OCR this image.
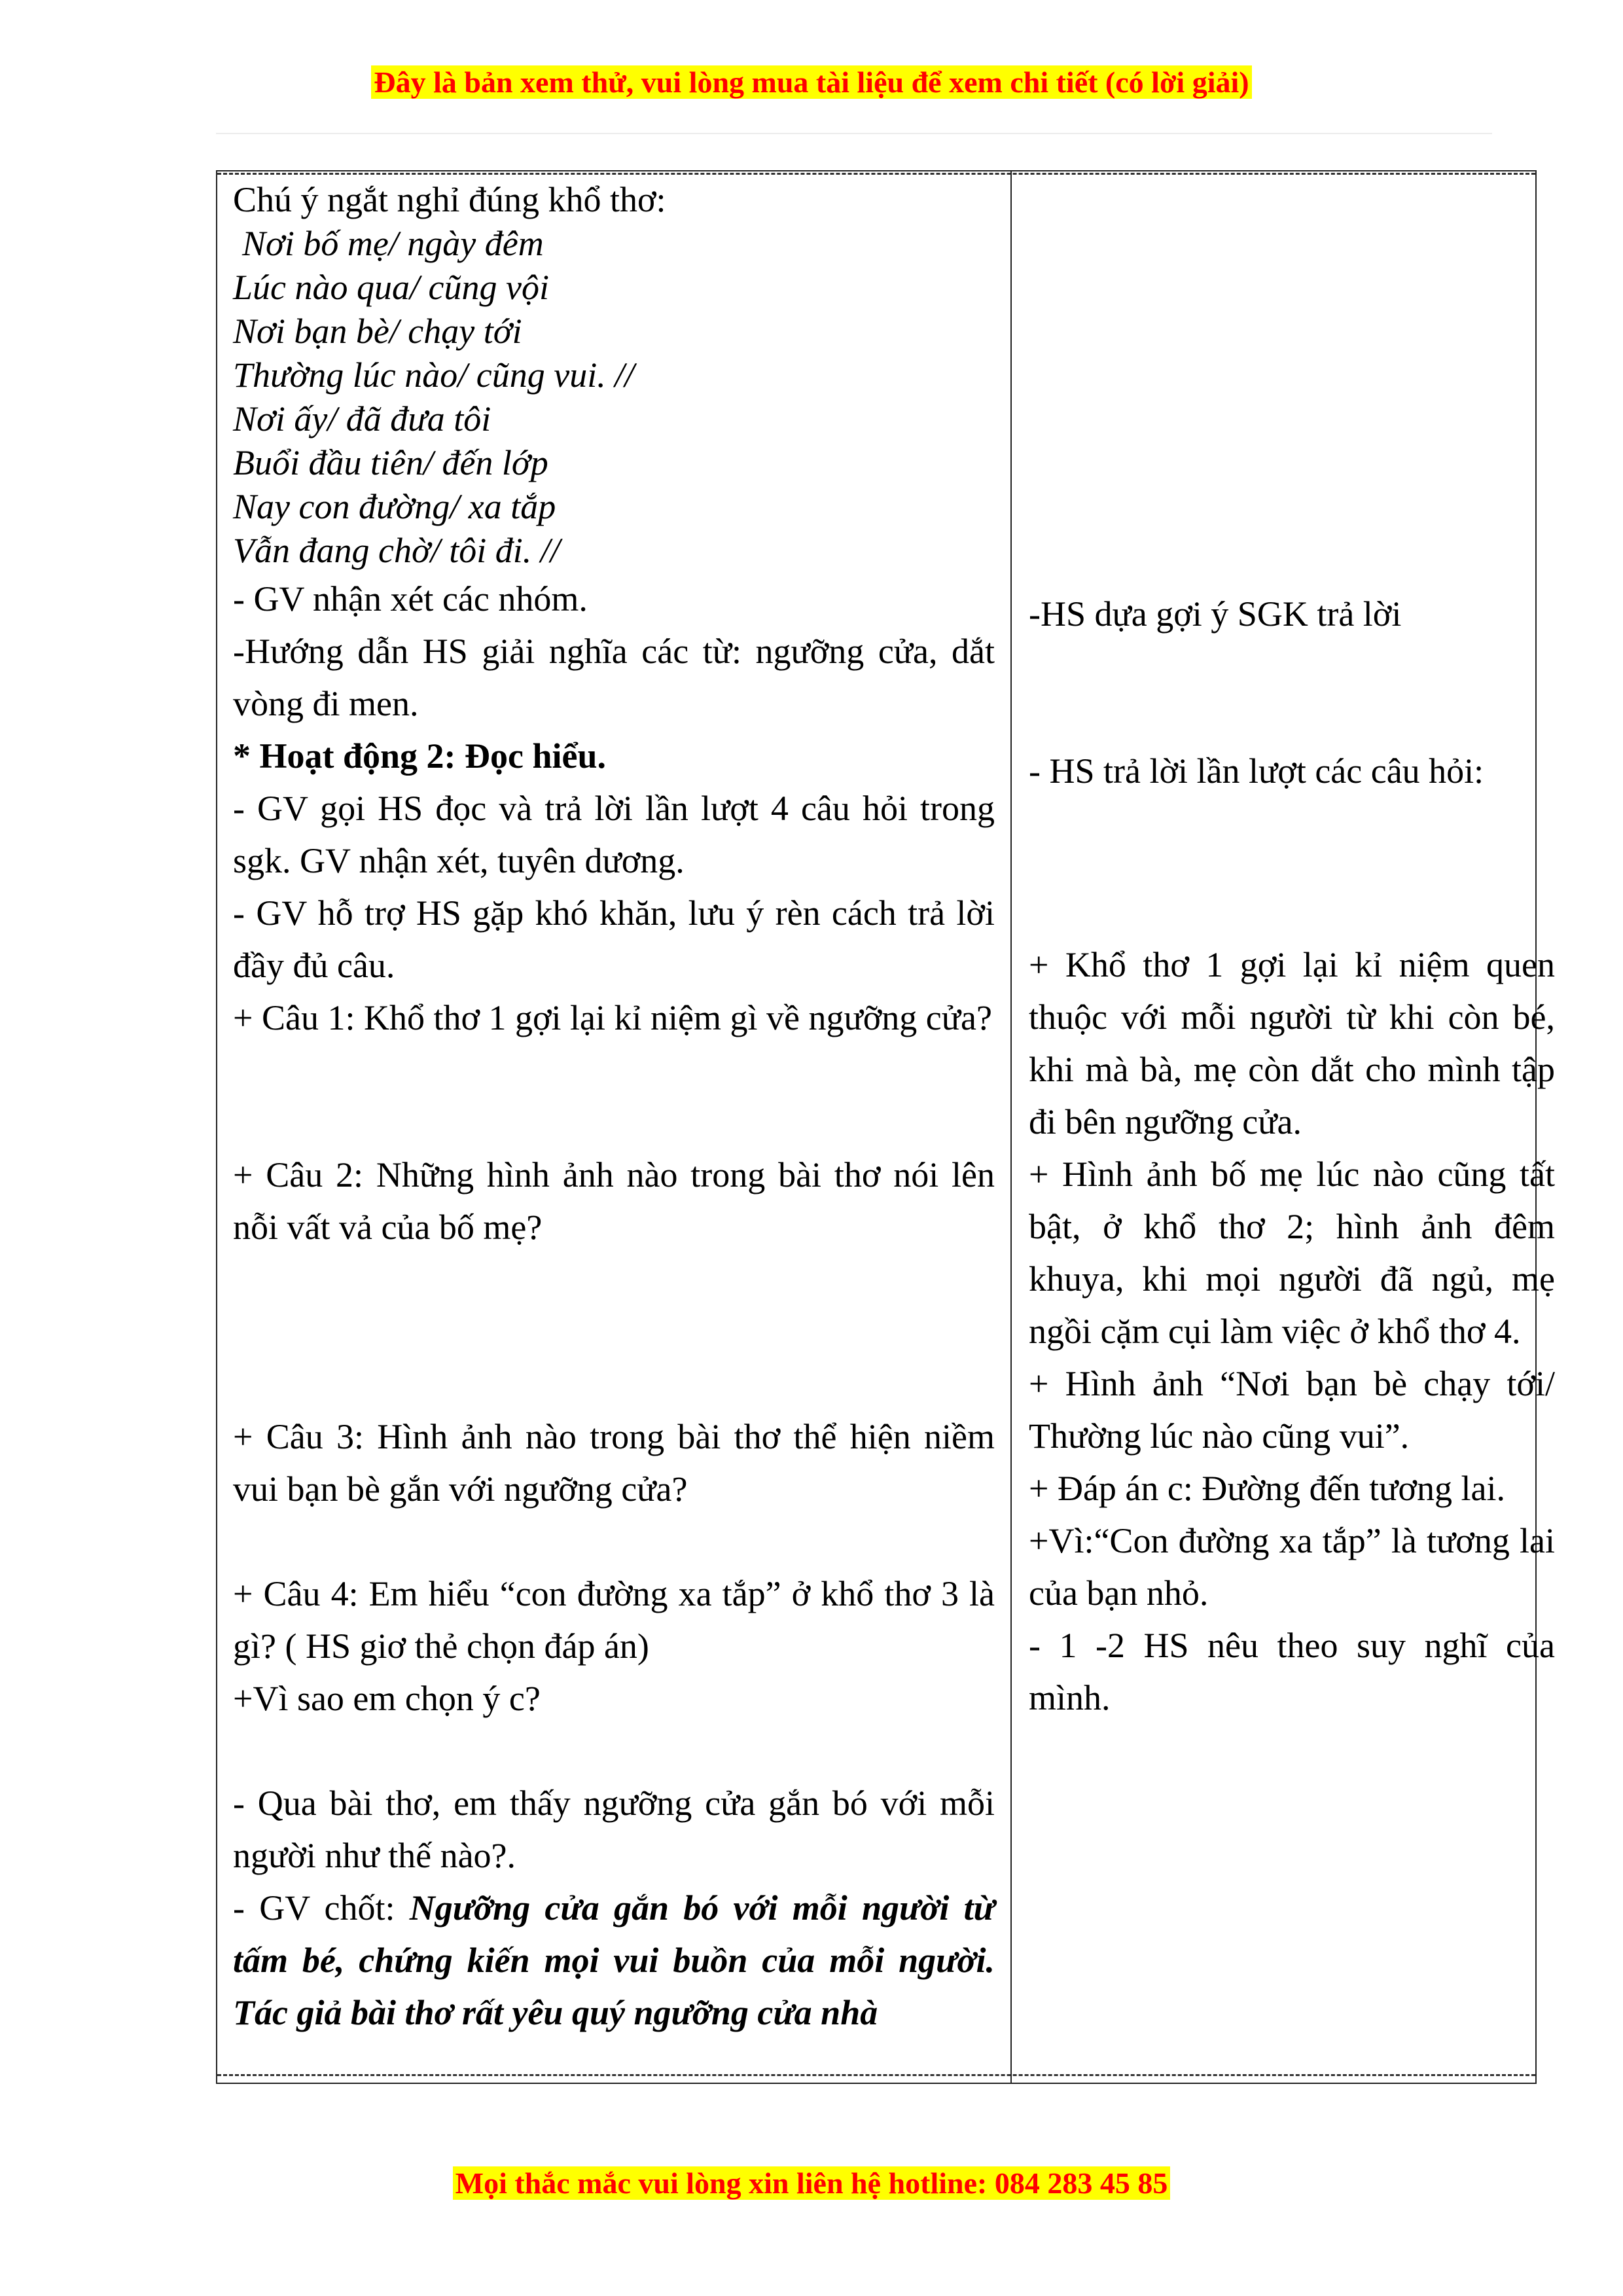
Đây là bản xem thử, vui lòng mua tài liệu để xem chi tiết (có lời giải)
Chú ý ngắt nghỉ đúng khổ thơ:
Nơi bố mẹ/ ngày đêm
Lúc nào qua/ cũng vội
Nơi bạn bè/ chạy tới
Thường lúc nào/ cũng vui. //
Nơi ấy/ đã đưa tôi
Buổi đầu tiên/ đến lớp
Nay con đường/ xa tắp
Vẫn đang chờ/ tôi đi. //
- GV nhận xét các nhóm.
-Hướng dẫn HS giải nghĩa các từ: ngưỡng cửa, dắt vòng đi men.
* Hoạt động 2: Đọc hiểu.
- GV gọi HS đọc và trả lời lần lượt 4 câu hỏi trong sgk. GV nhận xét, tuyên dương.
- GV hỗ trợ HS gặp khó khăn, lưu ý rèn cách trả lời đầy đủ câu.
+ Câu 1: Khổ thơ 1 gợi lại kỉ niệm gì về ngưỡng cửa?
+ Câu 2: Những hình ảnh nào trong bài thơ nói lên nỗi vất vả của bố mẹ?
+ Câu 3: Hình ảnh nào trong bài thơ thể hiện niềm vui bạn bè gắn với ngưỡng cửa?
+ Câu 4: Em hiểu “con đường xa tắp” ở khổ thơ 3 là gì? ( HS giơ thẻ chọn đáp án)
+Vì sao em chọn ý c?
- Qua bài thơ, em thấy ngưỡng cửa gắn bó với mỗi người như thế nào?.
- GV chốt: Ngưỡng cửa gắn bó với mỗi người từ tấm bé, chứng kiến mọi vui buồn của mỗi người. Tác giả bài thơ rất yêu quý ngưỡng cửa nhà
-HS dựa gợi ý SGK trả lời
- HS trả lời lần lượt các câu hỏi:
+ Khổ thơ 1 gợi lại kỉ niệm quen thuộc với mỗi người từ khi còn bé, khi mà bà, mẹ còn dắt cho mình tập đi bên ngưỡng cửa.
+ Hình ảnh bố mẹ lúc nào cũng tất bật, ở khổ thơ 2; hình ảnh đêm khuya, khi mọi người đã ngủ, mẹ ngồi cặm cụi làm việc ở khổ thơ 4.
+ Hình ảnh “Nơi bạn bè chạy tới/ Thường lúc nào cũng vui”.
+ Đáp án c: Đường đến tương lai.
+Vì:“Con đường xa tắp” là tương lai của bạn nhỏ.
- 1 -2 HS nêu theo suy nghĩ của mình.
Mọi thắc mắc vui lòng xin liên hệ hotline: 084 283 45 85
